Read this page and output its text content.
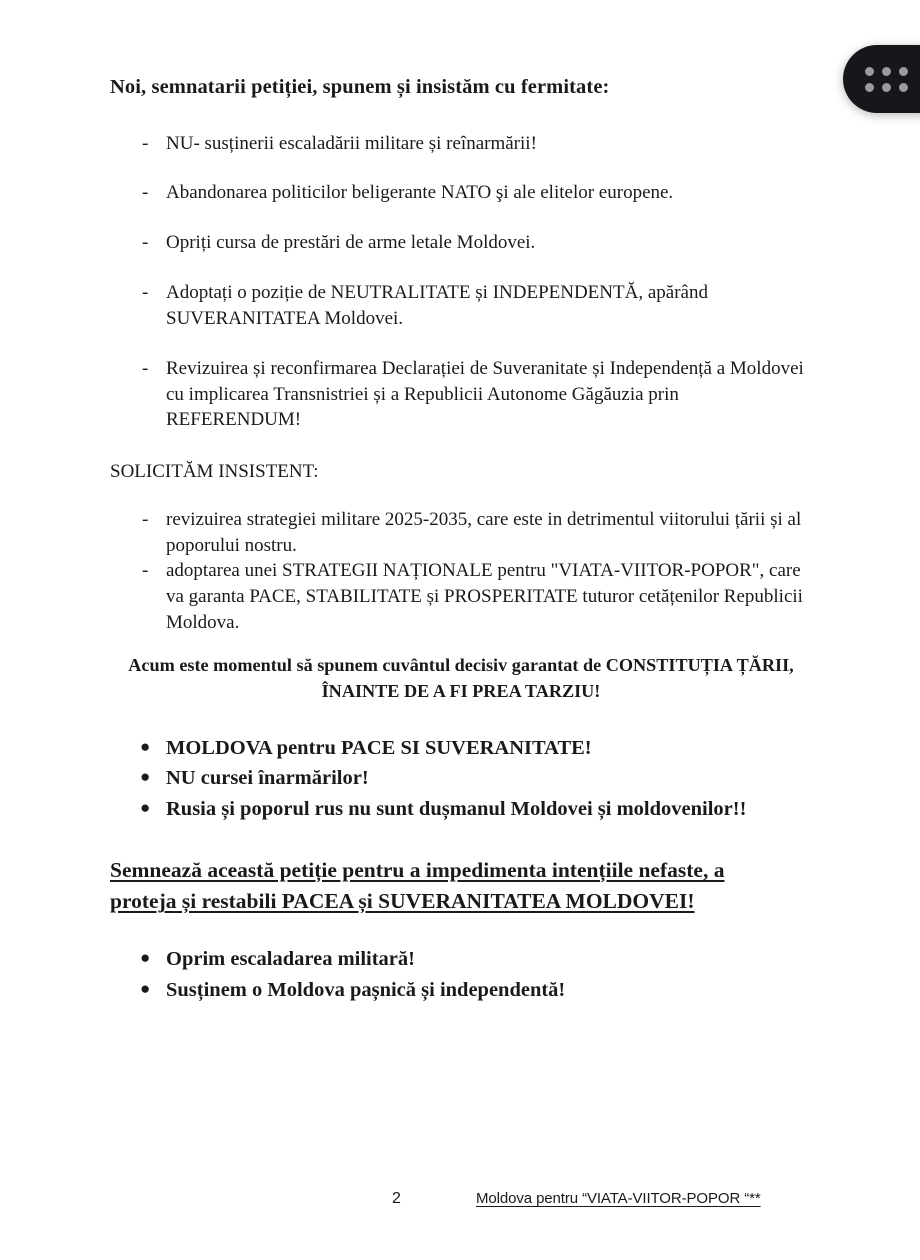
Noi, semnatarii petiției, spunem și insistăm cu fermitate:
- NU- susținerii escaladării militare și reînarmării!
- Abandonarea politicilor beligerante NATO şi ale elitelor europene.
- Opriți cursa de prestări de arme letale Moldovei.
- Adoptați o poziție de NEUTRALITATE și INDEPENDENTĂ, apărând SUVERANITATEA Moldovei.
- Revizuirea și reconfirmarea Declarației de Suveranitate și Independență a Moldovei cu implicarea Transnistriei și a Republicii Autonome Găgăuzia prin REFERENDUM!

SOLICITĂM INSISTENT:

- revizuirea strategiei militare 2025-2035, care este in detrimentul viitorului țării și al poporului nostru.
- adoptarea unei STRATEGII NAȚIONALE pentru "VIATA-VIITOR-POPOR", care va garanta PACE, STABILITATE și PROSPERITATE tuturor cetățenilor Republicii Moldova.

Acum este momentul să spunem cuvântul decisiv garantat de CONSTITUȚIA ȚĂRII, ÎNAINTE DE A FI PREA TARZIU!

● MOLDOVA pentru PACE SI SUVERANITATE!
● NU cursei înarmărilor!
● Rusia și poporul rus nu sunt dușmanul Moldovei și moldovenilor!!

Semnează această petiție pentru a impedimenta intențiile nefaste, a proteja și restabili PACEA și SUVERANITATEA MOLDOVEI!

● Oprim escaladarea militară!
● Susținem o Moldova pașnică și independentă!
2	Moldova pentru “VIATA-VIITOR-POPOR “**
